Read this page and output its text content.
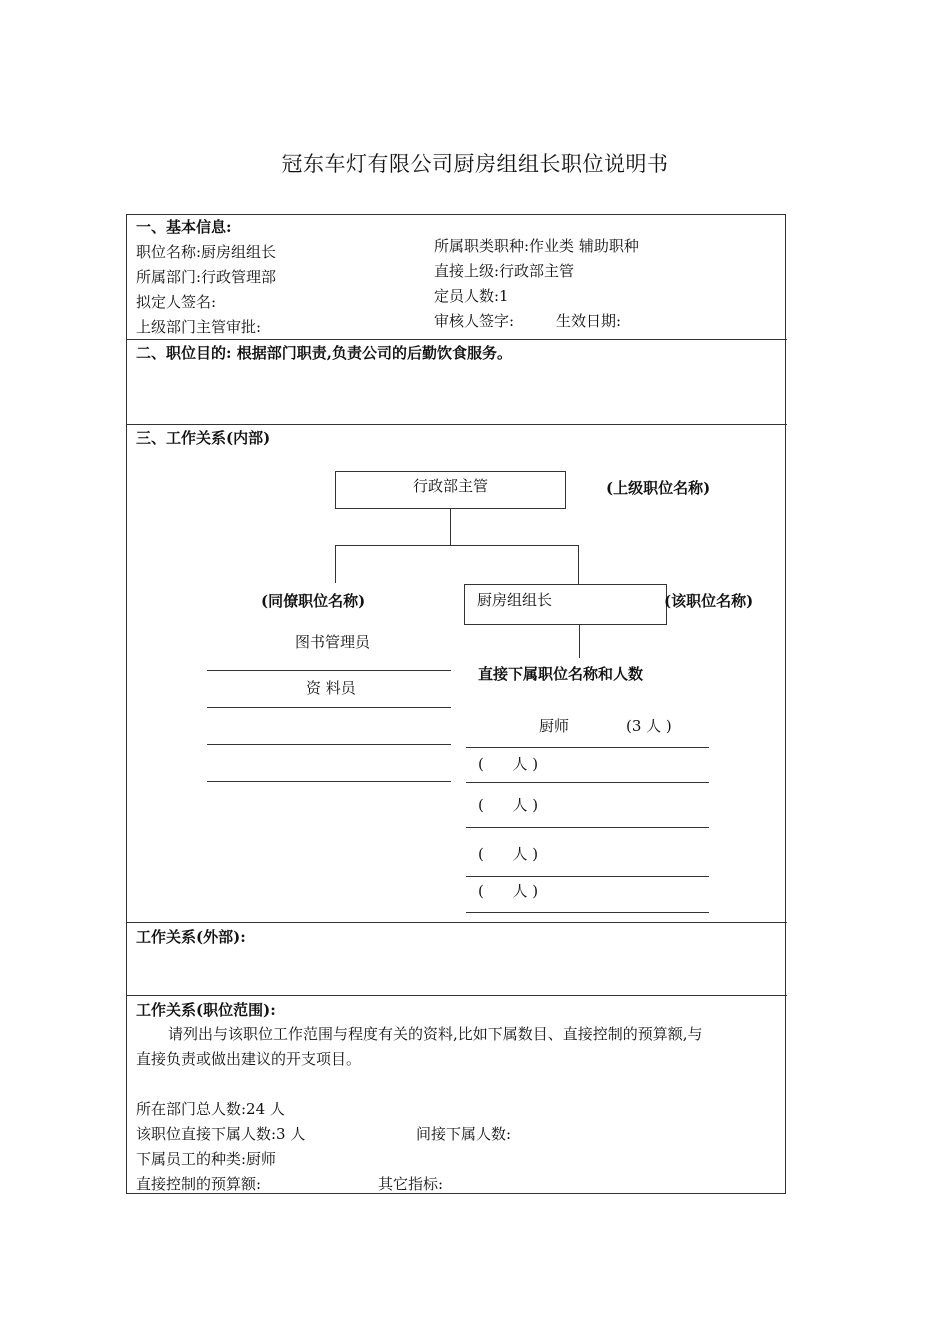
冠东车灯有限公司厨房组组长职位说明书
一、基本信息:
职位名称:厨房组组长
所属部门:行政管理部
拟定人签名:
上级部门主管审批:
所属职类职种:作业类 辅助职种
直接上级:行政部主管
定员人数:1
审核人签字:	生效日期:
二、职位目的: 根据部门职责,负责公司的后勤饮食服务。
三、工作关系(内部)
行政部主管	(上级职位名称)
(同僚职位名称)	厨房组组长	(该职位名称)
图书管理员
资 料员
直接下属职位名称和人数
厨师	(3 人 )
(      人 )
(      人 )
(      人 )
(      人 )
工作关系(外部):
工作关系(职位范围):
请列出与该职位工作范围与程度有关的资料,比如下属数目、直接控制的预算额,与
直接负责或做出建议的开支项目。
所在部门总人数:24 人
该职位直接下属人数:3 人	间接下属人数:
下属员工的种类:厨师
直接控制的预算额:	其它指标:
